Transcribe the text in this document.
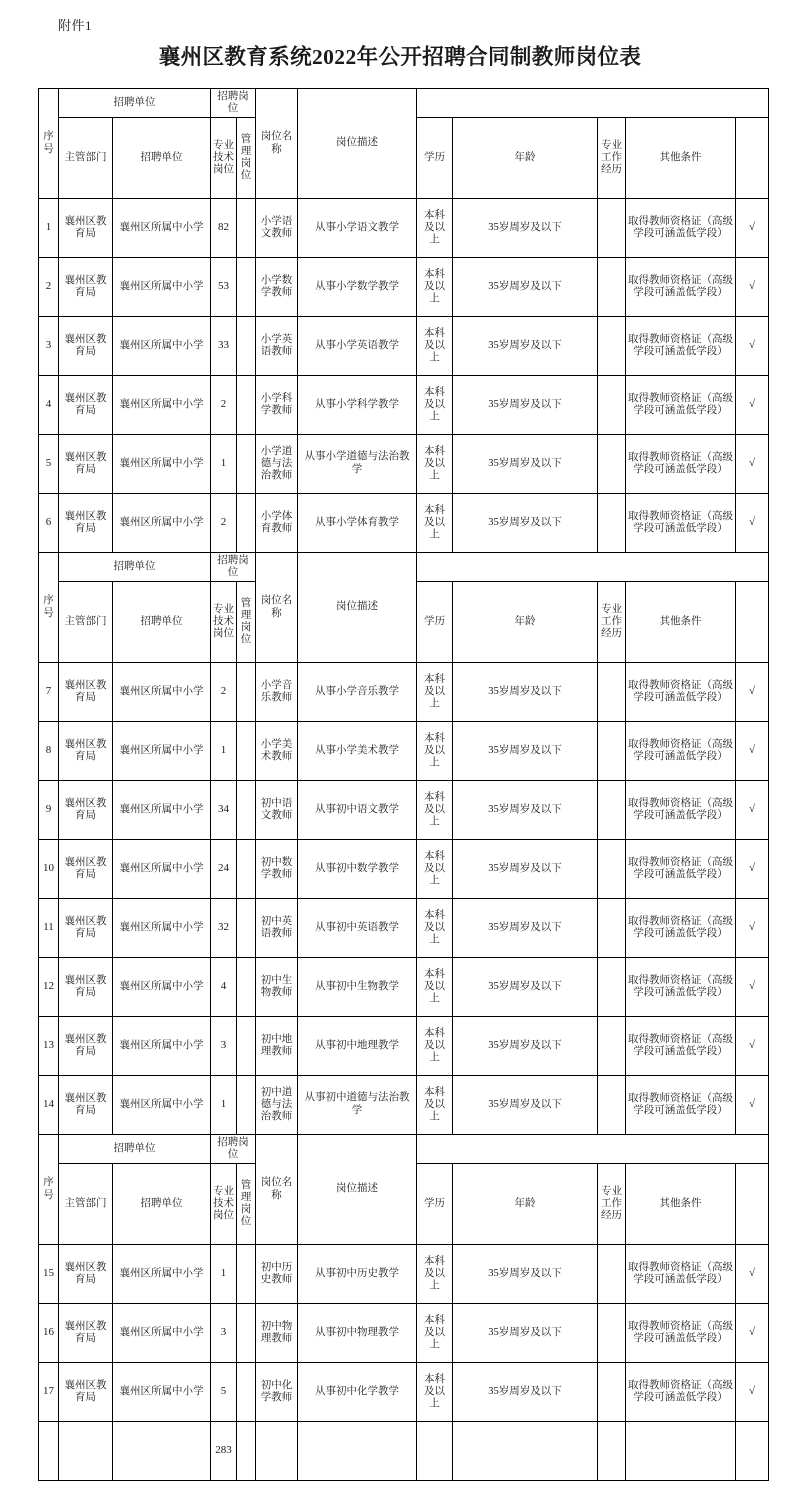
附件1
襄州区教育系统2022年公开招聘合同制教师岗位表
序号	招聘单位		招聘岗位		岗位名称	岗位描述		
	主管部门	招聘单位	专业技术岗位	管理岗位			学历	年龄	专业工作经历	其他条件		
1	襄州区教育局	襄州区所属中小学	82		小学语文教师	从事小学语文教学	本科及以上	35岁周岁及以下		取得教师资格证（高级学段可涵盖低学段）	√	
2	襄州区教育局	襄州区所属中小学	53		小学数学教师	从事小学数学教学	本科及以上	35岁周岁及以下		取得教师资格证（高级学段可涵盖低学段）	√	
3	襄州区教育局	襄州区所属中小学	33		小学英语教师	从事小学英语教学	本科及以上	35岁周岁及以下		取得教师资格证（高级学段可涵盖低学段）	√	
4	襄州区教育局	襄州区所属中小学	2		小学科学教师	从事小学科学教学	本科及以上	35岁周岁及以下		取得教师资格证（高级学段可涵盖低学段）	√	
5	襄州区教育局	襄州区所属中小学	1		小学道德与法治教师	从事小学道德与法治教学	本科及以上	35岁周岁及以下		取得教师资格证（高级学段可涵盖低学段）	√	
6	襄州区教育局	襄州区所属中小学	2		小学体育教师	从事小学体育教学	本科及以上	35岁周岁及以下		取得教师资格证（高级学段可涵盖低学段）	√	
序号	招聘单位		招聘岗位		岗位名称	岗位描述		
	主管部门	招聘单位	专业技术岗位	管理岗位			学历	年龄	专业工作经历	其他条件		
7	襄州区教育局	襄州区所属中小学	2		小学音乐教师	从事小学音乐教学	本科及以上	35岁周岁及以下		取得教师资格证（高级学段可涵盖低学段）	√	
8	襄州区教育局	襄州区所属中小学	1		小学美术教师	从事小学美术教学	本科及以上	35岁周岁及以下		取得教师资格证（高级学段可涵盖低学段）	√	
9	襄州区教育局	襄州区所属中小学	34		初中语文教师	从事初中语文教学	本科及以上	35岁周岁及以下		取得教师资格证（高级学段可涵盖低学段）	√	
10	襄州区教育局	襄州区所属中小学	24		初中数学教师	从事初中数学教学	本科及以上	35岁周岁及以下		取得教师资格证（高级学段可涵盖低学段）	√	
11	襄州区教育局	襄州区所属中小学	32		初中英语教师	从事初中英语教学	本科及以上	35岁周岁及以下		取得教师资格证（高级学段可涵盖低学段）	√	
12	襄州区教育局	襄州区所属中小学	4		初中生物教师	从事初中生物教学	本科及以上	35岁周岁及以下		取得教师资格证（高级学段可涵盖低学段）	√	
13	襄州区教育局	襄州区所属中小学	3		初中地理教师	从事初中地理教学	本科及以上	35岁周岁及以下		取得教师资格证（高级学段可涵盖低学段）	√	
14	襄州区教育局	襄州区所属中小学	1		初中道德与法治教师	从事初中道德与法治教学	本科及以上	35岁周岁及以下		取得教师资格证（高级学段可涵盖低学段）	√	
序号	招聘单位		招聘岗位		岗位名称	岗位描述		
	主管部门	招聘单位	专业技术岗位	管理岗位			学历	年龄	专业工作经历	其他条件		
15	襄州区教育局	襄州区所属中小学	1		初中历史教师	从事初中历史教学	本科及以上	35岁周岁及以下		取得教师资格证（高级学段可涵盖低学段）	√	
16	襄州区教育局	襄州区所属中小学	3		初中物理教师	从事初中物理教学	本科及以上	35岁周岁及以下		取得教师资格证（高级学段可涵盖低学段）	√	
17	襄州区教育局	襄州区所属中小学	5		初中化学教师	从事初中化学教学	本科及以上	35岁周岁及以下		取得教师资格证（高级学段可涵盖低学段）	√	
			283									
